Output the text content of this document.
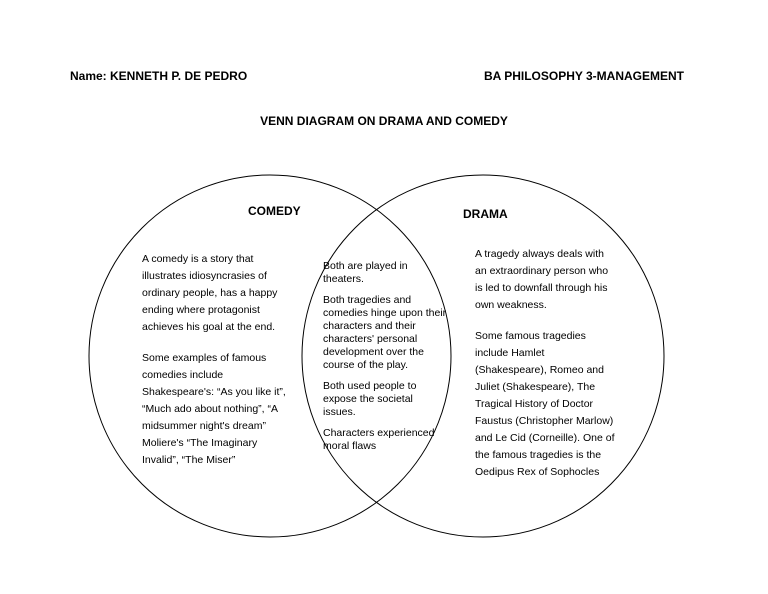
Name: KENNETH P. DE PEDRO	BA PHILOSOPHY 3-MANAGEMENT
VENN DIAGRAM ON DRAMA AND COMEDY
COMEDY	DRAMA

A comedy is a story that illustrates idiosyncrasies of ordinary people, has a happy ending where protagonist achieves his goal at the end.

Some examples of famous comedies include Shakespeare's: “As you like it”, “Much ado about nothing”, “A midsummer night's dream” Moliere's “The Imaginary Invalid”, “The Miser”

Both are played in theaters.

Both tragedies and comedies hinge upon their characters and their characters' personal development over the course of the play.

Both used people to expose the societal issues.

Characters experienced moral flaws

A tragedy always deals with an extraordinary person who is led to downfall through his own weakness.

Some famous tragedies include Hamlet (Shakespeare), Romeo and Juliet (Shakespeare), The Tragical History of Doctor Faustus (Christopher Marlow) and Le Cid (Corneille). One of the famous tragedies is the Oedipus Rex of Sophocles
